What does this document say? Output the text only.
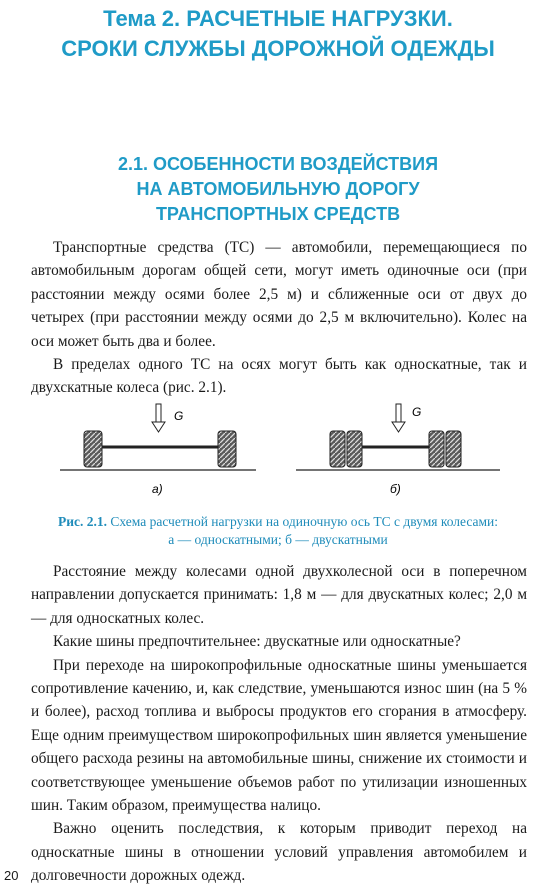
Тема 2. РАСЧЕТНЫЕ НАГРУЗКИ.
СРОКИ СЛУЖБЫ ДОРОЖНОЙ ОДЕЖДЫ
2.1. ОСОБЕННОСТИ ВОЗДЕЙСТВИЯ
НА АВТОМОБИЛЬНУЮ ДОРОГУ
ТРАНСПОРТНЫХ СРЕДСТВ

Транспортные средства (ТС) — автомобили, перемещающиеся по автомобильным дорогам общей сети, могут иметь одиночные оси (при расстоянии между осями более 2,5 м) и сближенные оси от двух до четырех (при расстоянии между осями до 2,5 м включительно). Колес на оси может быть два и более.

В пределах одного ТС на осях могут быть как односкатные, так и двухскатные колеса (рис. 2.1).

G
а)
G
б)
Рис. 2.1. Схема расчетной нагрузки на одиночную ось ТС с двумя колесами:
а — односкатными; б — двускатными

Расстояние между колесами одной двухколесной оси в поперечном направлении допускается принимать: 1,8 м — для двускатных колес; 2,0 м — для односкатных колес.

Какие шины предпочтительнее: двускатные или односкатные?

При переходе на широкопрофильные односкатные шины уменьшается сопротивление качению, и, как следствие, уменьшаются износ шин (на 5 % и более), расход топлива и выбросы продуктов его сгорания в атмосферу. Еще одним преимуществом широкопрофильных шин является уменьшение общего расхода резины на автомобильные шины, снижение их стоимости и соответствующее уменьшение объемов работ по утилизации изношенных шин. Таким образом, преимущества налицо.

Важно оценить последствия, к которым приводит переход на односкатные шины в отношении условий управления автомобилем и долговечности дорожных одежд.

20
